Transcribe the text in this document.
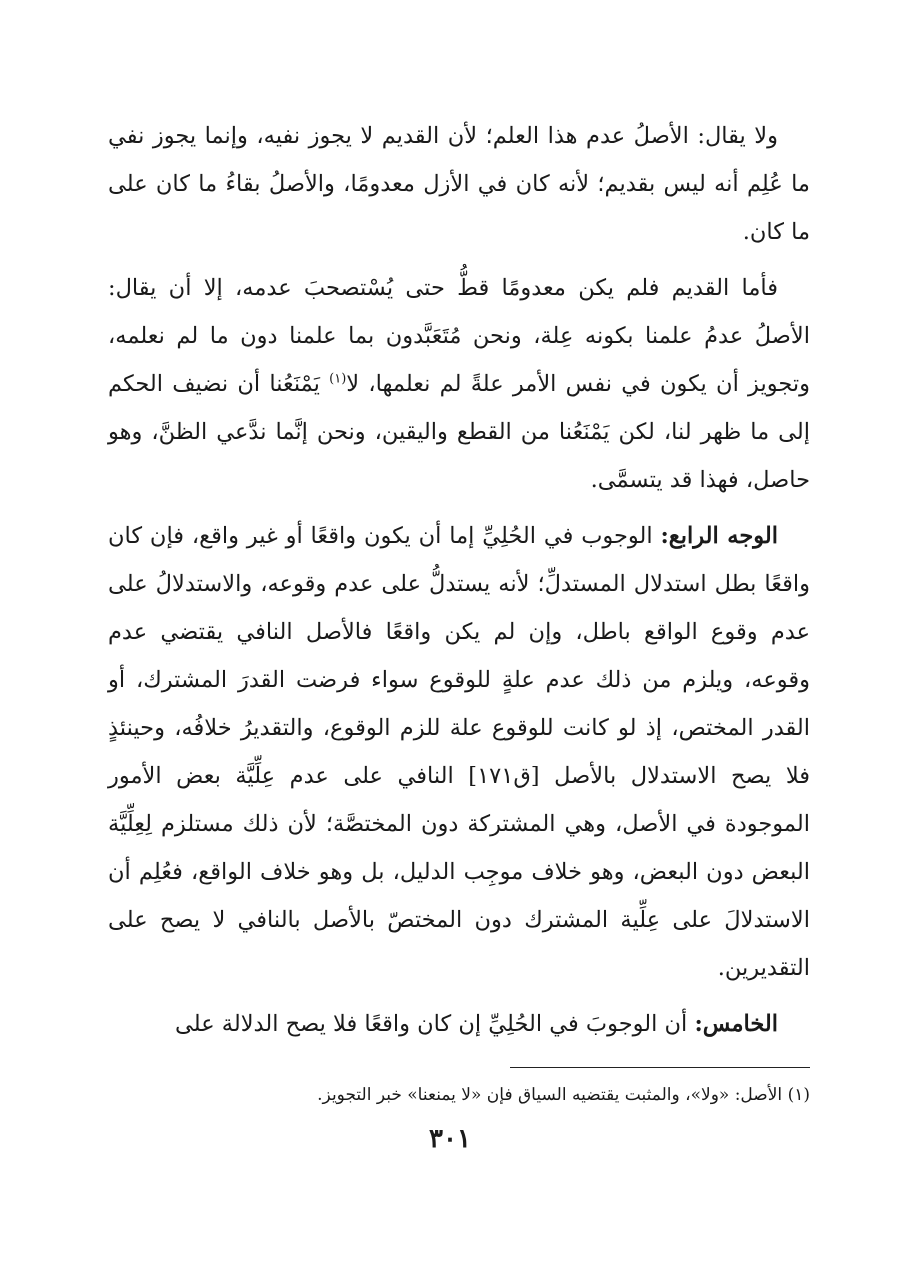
ولا يقال: الأصلُ عدم هذا العلم؛ لأن القديم لا يجوز نفيه، وإنما يجوز نفي ما عُلِم أنه ليس بقديم؛ لأنه كان في الأزل معدومًا، والأصلُ بقاءُ ما كان على ما كان.

فأما القديم فلم يكن معدومًا قطُّ حتى يُسْتصحبَ عدمه، إلا أن يقال: الأصلُ عدمُ علمنا بكونه عِلة، ونحن مُتَعَبَّدون بما علمنا دون ما لم نعلمه، وتجويز أن يكون في نفس الأمر علةً لم نعلمها، لا$^{(١)}$ يَمْنَعُنا أن نضيف الحكم إلى ما ظهر لنا، لكن يَمْنَعُنا من القطع واليقين، ونحن إنَّما ندَّعي الظنَّ، وهو حاصل، فهذا قد يتسمَّى.

الوجه الرابع: الوجوب في الحُلِيِّ إما أن يكون واقعًا أو غير واقع، فإن كان واقعًا بطل استدلال المستدلِّ؛ لأنه يستدلُّ على عدم وقوعه، والاستدلالُ على عدم وقوع الواقع باطل، وإن لم يكن واقعًا فالأصل النافي يقتضي عدم وقوعه، ويلزم من ذلك عدم علةٍ للوقوع سواء فرضت القدرَ المشترك، أو القدر المختص، إذ لو كانت للوقوع علة للزم الوقوع، والتقديرُ خلافُه، وحينئذٍ فلا يصح الاستدلال بالأصل [ق١٧١] النافي على عدم عِلِّيَّة بعض الأمور الموجودة في الأصل، وهي المشتركة دون المختصَّة؛ لأن ذلك مستلزم لِعِلِّيَّة البعض دون البعض، وهو خلاف موجِب الدليل، بل وهو خلاف الواقع، فعُلِم أن الاستدلالَ على عِلِّية المشترك دون المختصّ بالأصل بالنافي لا يصح على التقديرين.

الخامس: أن الوجوبَ في الحُلِيِّ إن كان واقعًا فلا يصح الدلالة على

(١) الأصل: «ولا»، والمثبت يقتضيه السياق فإن «لا يمنعنا» خبر التجويز.
٣٠١
